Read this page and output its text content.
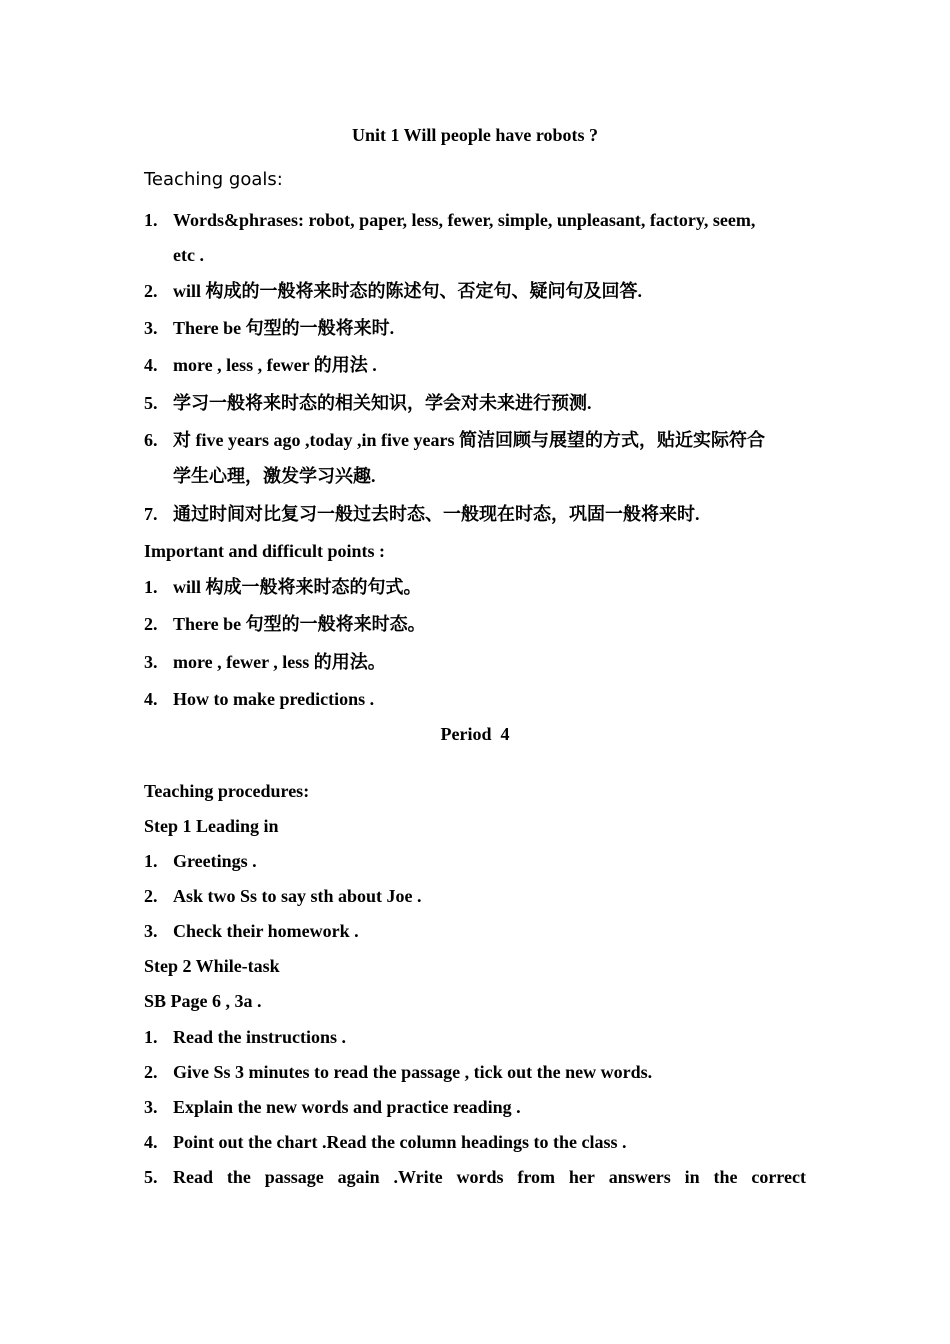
Unit 1 Will people have robots ?
Teaching goals:
1. Words&phrases: robot, paper, less, fewer, simple, unpleasant, factory, seem,
etc .
2. will 构成的一般将来时态的陈述句、否定句、疑问句及回答.
3. There be 句型的一般将来时.
4. more , less , fewer 的用法 .
5. 学习一般将来时态的相关知识，学会对未来进行预测.
6. 对 five years ago ,today ,in five years 简洁回顾与展望的方式，贴近实际符合
学生心理，激发学习兴趣.
7. 通过时间对比复习一般过去时态、一般现在时态，巩固一般将来时.
Important and difficult points :
1. will 构成一般将来时态的句式。
2. There be 句型的一般将来时态。
3. more , fewer , less 的用法。
4. How to make predictions .
Period  4
Teaching procedures:
Step 1 Leading in
1. Greetings .
2. Ask two Ss to say sth about Joe .
3. Check their homework .
Step 2 While-task
SB Page 6 , 3a .
1. Read the instructions .
2. Give Ss 3 minutes to read the passage , tick out the new words.
3. Explain the new words and practice reading .
4. Point out the chart .Read the column headings to the class .
5. Read the passage again .Write words from her answers in the correct
